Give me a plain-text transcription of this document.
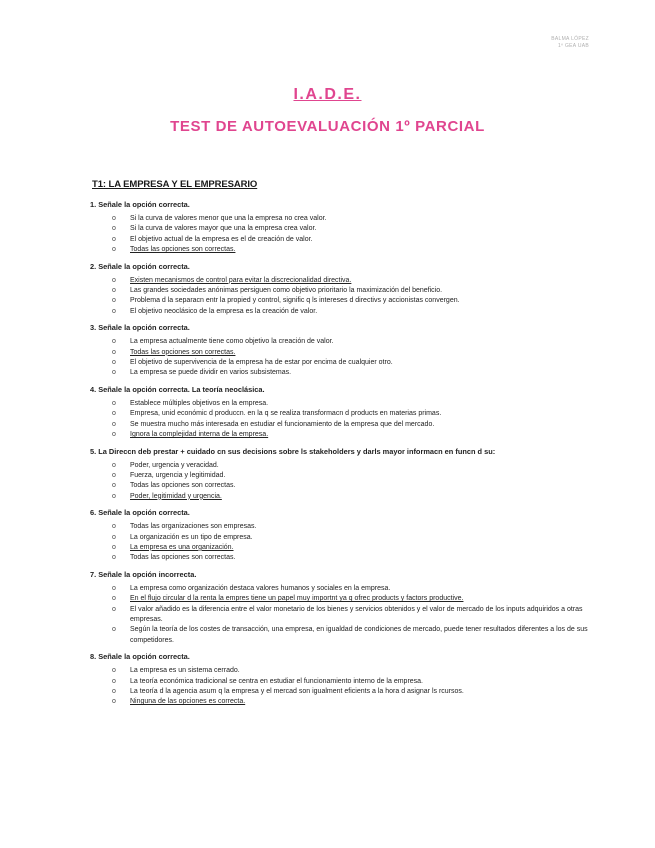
BALMA LÓPEZ
1º GEA UAB
I.A.D.E.
TEST DE AUTOEVALUACIÓN 1º PARCIAL
T1: LA EMPRESA Y EL EMPRESARIO
1. Señale la opción correcta.
o Si la curva de valores menor que una la empresa no crea valor.
o Si la curva de valores mayor que una la empresa crea valor.
o El objetivo actual de la empresa es el de creación de valor.
o Todas las opciones son correctas.
2. Señale la opción correcta.
o Existen mecanismos de control para evitar la discrecionalidad directiva.
o Las grandes sociedades anónimas persiguen como objetivo prioritario la maximización del beneficio.
o Problema d la separacn entr la propied y control, signific q ls intereses d directivs y accionistas convergen.
o El objetivo neoclásico de la empresa es la creación de valor.
3. Señale la opción correcta.
o La empresa actualmente tiene como objetivo la creación de valor.
o Todas las opciones son correctas.
o El objetivo de supervivencia de la empresa ha de estar por encima de cualquier otro.
o La empresa se puede dividir en varios subsistemas.
4. Señale la opción correcta. La teoría neoclásica.
o Establece múltiples objetivos en la empresa.
o Empresa, unid económic d produccn. en la q se realiza transformacn d products en materias primas.
o Se muestra mucho más interesada en estudiar el funcionamiento de la empresa que del mercado.
o Ignora la complejidad interna de la empresa.
5. La Direccn deb prestar + cuidado cn sus decisions sobre ls stakeholders y darls mayor informacn en funcn d su:
o Poder, urgencia y veracidad.
o Fuerza, urgencia y legitimidad.
o Todas las opciones son correctas.
o Poder, legitimidad y urgencia.
6. Señale la opción correcta.
o Todas las organizaciones son empresas.
o La organización es un tipo de empresa.
o La empresa es una organización.
o Todas las opciones son correctas.
7. Señale la opción incorrecta.
o La empresa como organización destaca valores humanos y sociales en la empresa.
o En el flujo circular d la renta la empres tiene un papel muy importnt ya q ofrec products y factors productive.
o El valor añadido es la diferencia entre el valor monetario de los bienes y servicios obtenidos y el valor de mercado de los inputs adquiridos a otras empresas.
o Según la teoría de los costes de transacción, una empresa, en igualdad de condiciones de mercado, puede tener resultados diferentes a los de sus competidores.
8. Señale la opción correcta.
o La empresa es un sistema cerrado.
o La teoría económica tradicional se centra en estudiar el funcionamiento interno de la empresa.
o La teoría d la agencia asum q la empresa y el mercad son igualment eficients a la hora d asignar ls rcursos.
o Ninguna de las opciones es correcta.
